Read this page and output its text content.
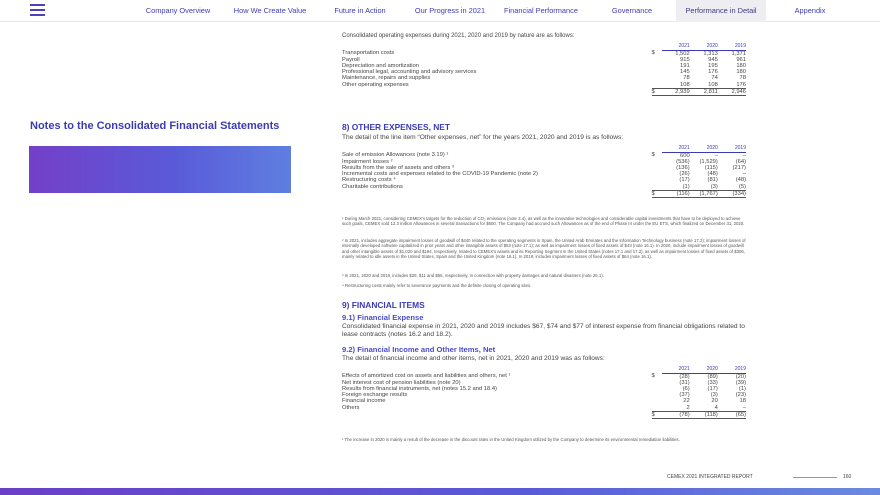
Company Overview	How We Create Value	Future in Action	Our Progress in 2021	Financial Performance	Governance	Performance in Detail	Appendix
Notes to the Consolidated Financial Statements
Consolidated operating expenses during 2021, 2020 and 2019 by nature are as follows:
		2021	2020	2019
Transportation costs	$	1,502	1,313	1,371
Payroll		915	945	961
Depreciation and amortization		191	195	180
Professional legal, accounting and advisory services		145	176	180
Maintenance, repairs and supplies		78	74	78
Other operating expenses		108	108	176
	$	2,939	2,811	2,946
8) OTHER EXPENSES, NET
The detail of the line item “Other expenses, net” for the years 2021, 2020 and 2019 is as follows:
		2021	2020	2019
Sale of emission Allowances (note 3.19) ¹	$	600	–	–
Impairment losses ²		(536)	(1,529)	(64)
Results from the sale of assets and others ³		(136)	(115)	(217)
Incremental costs and expenses related to the COVID-19 Pandemic (note 2)		(26)	(48)	–
Restructuring costs ⁴		(17)	(81)	(48)
Charitable contributions		(1)	(3)	(5)
	$	(116)	(1,767)	(334)
¹ During March 2021, considering CEMEX's targets for the reduction of CO₂ emissions (note 3.4), as well as the innovative technologies and considerable capital investments that have to be deployed to achieve such goals, CEMEX sold 12.3 million Allowances in several transactions for $600. The Company had accrued such Allowances as of the end of Phase III under the EU ETS, which finalized on December 31, 2020.
² In 2021, includes aggregate impairment losses of goodwill of $440 related to the operating segments in Spain, the United Arab Emirates and the Information Technology business (note 17.2); impairment losses of internally developed software capitalized in prior years and other intangible assets of $53 (note 17.1); as well as impairment losses of fixed assets of $43 (note 16.1). In 2020, include impairment losses of goodwill and other intangible assets of $1,020 and $194, respectively, related to CEMEX's assets and its Reporting Segment in the United States (notes 17.1 and 17.2), as well as impairment losses of fixed assets of $306, mainly related to idle assets in the United States, Spain and the United Kingdom (note 16.1). In 2019, includes impairment losses of fixed assets of $64 (note 16.1).
³ In 2021, 2020 and 2019, includes $29, $11 and $55, respectively, in connection with property damages and natural disasters (note 26.1).
⁴ Restructuring costs mainly refer to severance payments and the definite closing of operating sites.
9) FINANCIAL ITEMS
9.1) Financial Expense
Consolidated financial expense in 2021, 2020 and 2019 includes $67, $74 and $77 of interest expense from financial obligations related to lease contracts (notes 16.2 and 18.2).
9.2) Financial Income and Other Items, Net
The detail of financial income and other items, net in 2021, 2020 and 2019 was as follows:
		2021	2020	2019
Effects of amortized cost on assets and liabilities and others, net ¹	$	(28)	(89)	(20)
Net interest cost of pension liabilities (note 20)		(31)	(33)	(39)
Results from financial instruments, net (notes 15.2 and 18.4)		(6)	(17)	(1)
Foreign exchange results		(37)	(3)	(23)
Financial income		22	20	18
Others		2	4	–
	$	(78)	(118)	(65)
¹ The increase in 2020 is mainly a result of the decrease in the discount rates in the United Kingdom utilized by the Company to determine its environmental remediation liabilities.
CEMEX 2021 INTEGRATED REPORT	160
